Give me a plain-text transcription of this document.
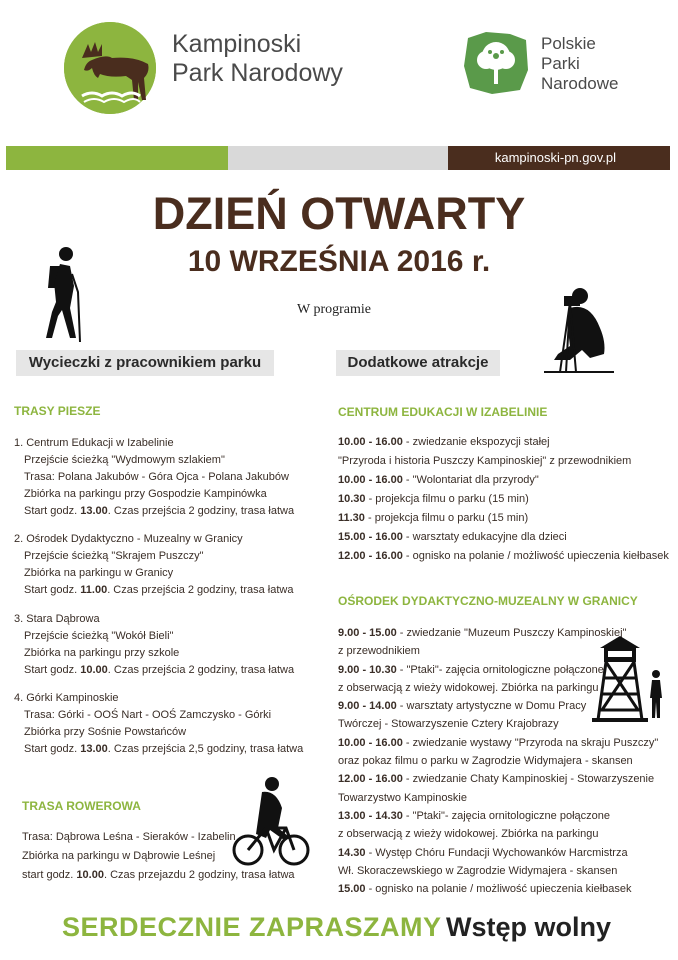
Kampinoski
Park Narodowy
Polskie
Parki
Narodowe
kampinoski-pn.gov.pl
DZIEŃ OTWARTY
10 WRZEŚNIA 2016 r.
W programie
Wycieczki z pracownikiem parku	Dodatkowe atrakcje
TRASY PIESZE
1. Centrum Edukacji w Izabelinie
Przejście ścieżką "Wydmowym szlakiem"
Trasa: Polana Jakubów - Góra Ojca - Polana Jakubów
Zbiórka na parkingu przy Gospodzie Kampinówka
Start godz. 13.00. Czas przejścia 2 godziny, trasa łatwa
2. Ośrodek Dydaktyczno - Muzealny w Granicy
Przejście ścieżką "Skrajem Puszczy"
Zbiórka na parkingu w Granicy
Start godz. 11.00. Czas przejścia 2 godziny, trasa łatwa
3. Stara Dąbrowa
Przejście ścieżką "Wokół Bieli"
Zbiórka na parkingu przy szkole
Start godz. 10.00. Czas przejścia 2 godziny, trasa łatwa
4. Górki Kampinoskie
Trasa: Górki - OOŚ Nart - OOŚ Zamczysko - Górki
Zbiórka przy Sośnie Powstańców
Start godz. 13.00. Czas przejścia 2,5 godziny, trasa łatwa
TRASA ROWEROWA
Trasa: Dąbrowa Leśna - Sieraków - Izabelin
Zbiórka na parkingu w Dąbrowie Leśnej
start godz. 10.00. Czas przejazdu 2 godziny, trasa łatwa
CENTRUM EDUKACJI W IZABELINIE
10.00 - 16.00 - zwiedzanie ekspozycji stałej
"Przyroda i historia Puszczy Kampinoskiej" z przewodnikiem
10.00 - 16.00 - "Wolontariat dla przyrody"
10.30 - projekcja filmu o parku (15 min)
11.30 - projekcja filmu o parku (15 min)
15.00 - 16.00 - warsztaty edukacyjne dla dzieci
12.00 - 16.00 - ognisko na polanie / możliwość upieczenia kiełbasek
OŚRODEK DYDAKTYCZNO-MUZEALNY W GRANICY
9.00 - 15.00 - zwiedzanie "Muzeum Puszczy Kampinoskiej"
z przewodnikiem
9.00 - 10.30 - "Ptaki"- zajęcia ornitologiczne połączone
z obserwacją z wieży widokowej. Zbiórka na parkingu
9.00 - 14.00 - warsztaty artystyczne w Domu Pracy
Twórczej - Stowarzyszenie Cztery Krajobrazy
10.00 - 16.00 - zwiedzanie wystawy "Przyroda na skraju Puszczy"
oraz pokaz filmu o parku w Zagrodzie Widymajera - skansen
12.00 - 16.00 - zwiedzanie Chaty Kampinoskiej - Stowarzyszenie
Towarzystwo Kampinoskie
13.00 - 14.30 - "Ptaki"- zajęcia ornitologiczne połączone
z obserwacją z wieży widokowej. Zbiórka na parkingu
14.30 - Występ Chóru Fundacji Wychowanków Harcmistrza
Wł. Skoraczewskiego w Zagrodzie Widymajera - skansen
15.00 - ognisko na polanie / możliwość upieczenia kiełbasek
SERDECZNIE ZAPRASZAMY Wstęp wolny
